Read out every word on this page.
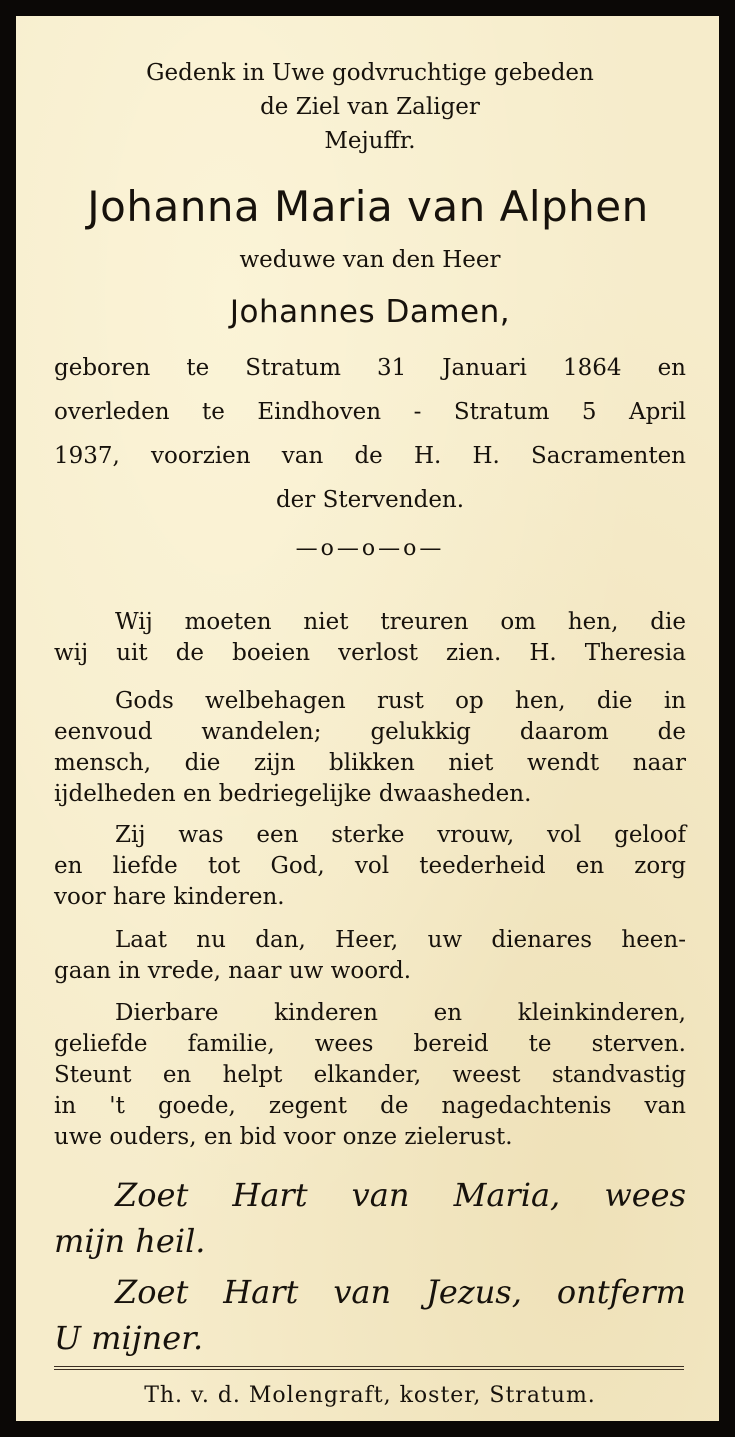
Gedenk in Uwe godvruchtige gebeden
de Ziel van Zaliger
Mejuffr.
Johanna Maria van Alphen
weduwe van den Heer
Johannes Damen,
geboren te Stratum 31 Januari 1864 en
overleden te Eindhoven - Stratum 5 April
1937, voorzien van de H. H. Sacramenten
der Stervenden.
—o—o—o—
Wij moeten niet treuren om hen, die
wij uit de boeien verlost zien. H. Theresia
Gods welbehagen rust op hen, die in
eenvoud wandelen; gelukkig daarom de
mensch, die zijn blikken niet wendt naar
ijdelheden en bedriegelijke dwaasheden.
Zij was een sterke vrouw, vol geloof
en liefde tot God, vol teederheid en zorg
voor hare kinderen.
Laat nu dan, Heer, uw dienares heen-
gaan in vrede, naar uw woord.
Dierbare kinderen en kleinkinderen,
geliefde familie, wees bereid te sterven.
Steunt en helpt elkander, weest standvastig
in 't goede, zegent de nagedachtenis van
uwe ouders, en bid voor onze zielerust.
Zoet Hart van Maria, wees
mijn heil.
Zoet Hart van Jezus, ontferm
U mijner.
Th. v. d. Molengraft, koster, Stratum.
